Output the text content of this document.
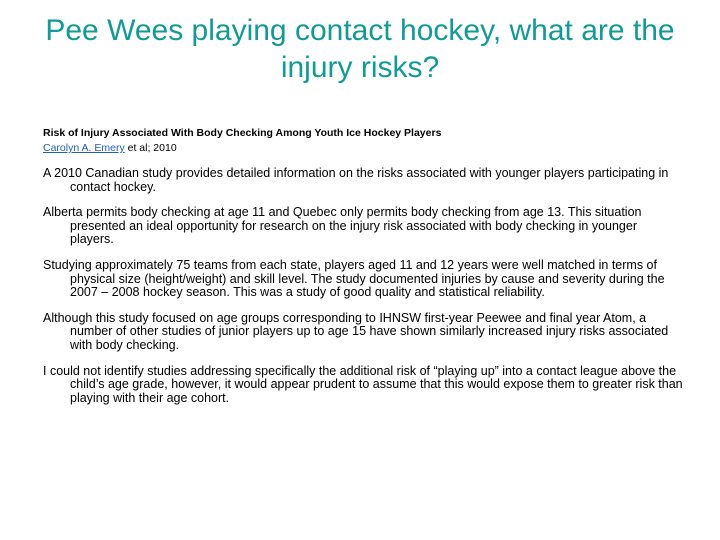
Pee Wees playing contact hockey, what are the injury risks?

Risk of Injury Associated With Body Checking Among Youth Ice Hockey Players

Carolyn A. Emery et al; 2010

A 2010 Canadian study provides detailed information on the risks associated with younger players participating in contact hockey.

Alberta permits body checking at age 11 and Quebec only permits body checking from age 13. This situation presented an ideal opportunity for research on the injury risk associated with body checking in younger players.

Studying approximately 75 teams from each state, players aged 11 and 12 years were well matched in terms of physical size (height/weight) and skill level. The study documented injuries by cause and severity during the 2007 – 2008 hockey season. This was a study of good quality and statistical reliability.

Although this study focused on age groups corresponding to IHNSW first-year Peewee and final year Atom, a number of other studies of junior players up to age 15 have shown similarly increased injury risks associated with body checking.

I could not identify studies addressing specifically the additional risk of “playing up” into a contact league above the child’s age grade, however, it would appear prudent to assume that this would expose them to greater risk than playing with their age cohort.
